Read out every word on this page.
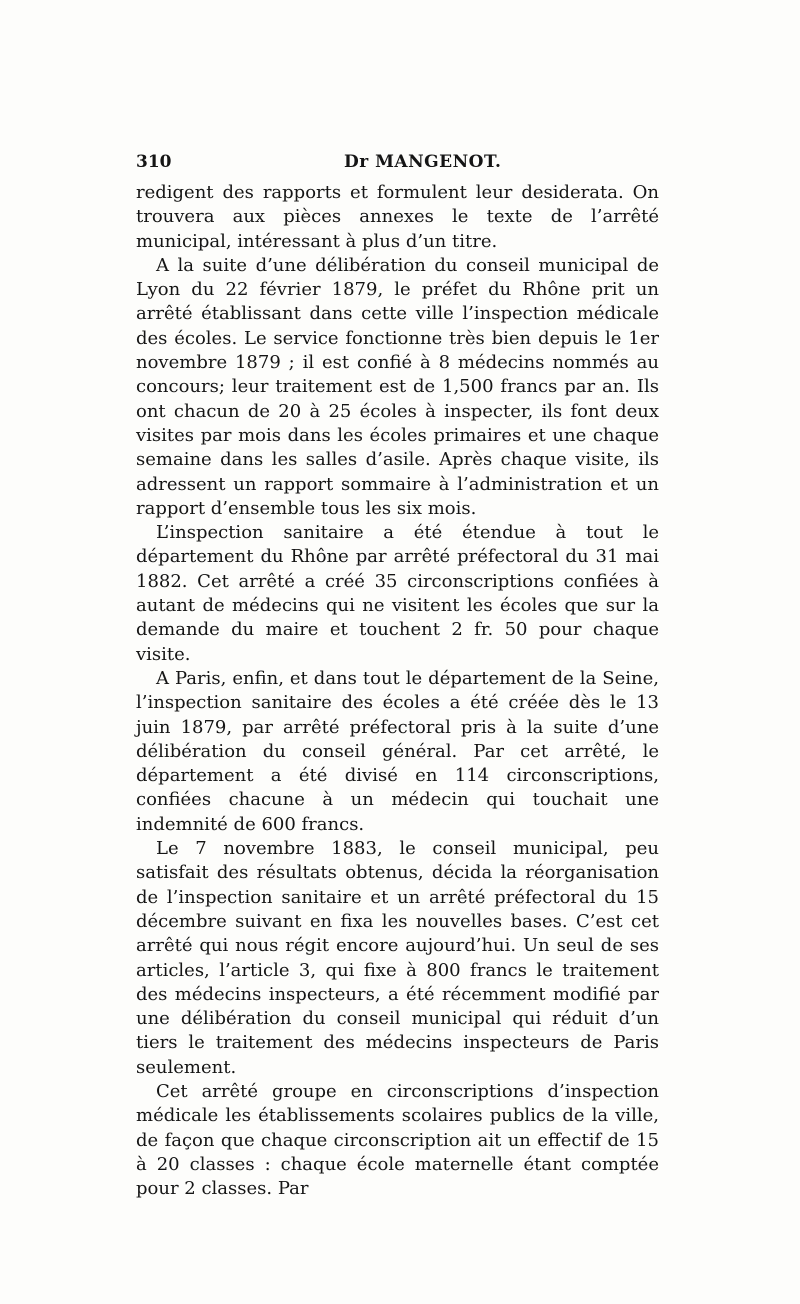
310	Dr MANGENOT.

redigent des rapports et formulent leur desiderata. On trouvera aux pièces annexes le texte de l’arrêté municipal, intéressant à plus d’un titre.

A la suite d’une délibération du conseil municipal de Lyon du 22 février 1879, le préfet du Rhône prit un arrêté établissant dans cette ville l’inspection médicale des écoles. Le service fonctionne très bien depuis le 1er novembre 1879 ; il est confié à 8 médecins nommés au concours; leur traitement est de 1,500 francs par an. Ils ont chacun de 20 à 25 écoles à inspecter, ils font deux visites par mois dans les écoles primaires et une chaque semaine dans les salles d’asile. Après chaque visite, ils adressent un rapport sommaire à l’administration et un rapport d’ensemble tous les six mois.

L’inspection sanitaire a été étendue à tout le département du Rhône par arrêté préfectoral du 31 mai 1882. Cet arrêté a créé 35 circonscriptions confiées à autant de médecins qui ne visitent les écoles que sur la demande du maire et touchent 2 fr. 50 pour chaque visite.

A Paris, enfin, et dans tout le département de la Seine, l’inspection sanitaire des écoles a été créée dès le 13 juin 1879, par arrêté préfectoral pris à la suite d’une délibération du conseil général. Par cet arrêté, le département a été divisé en 114 circonscriptions, confiées chacune à un médecin qui touchait une indemnité de 600 francs.

Le 7 novembre 1883, le conseil municipal, peu satisfait des résultats obtenus, décida la réorganisation de l’inspection sanitaire et un arrêté préfectoral du 15 décembre suivant en fixa les nouvelles bases. C’est cet arrêté qui nous régit encore aujourd’hui. Un seul de ses articles, l’article 3, qui fixe à 800 francs le traitement des médecins inspecteurs, a été récemment modifié par une délibération du conseil municipal qui réduit d’un tiers le traitement des médecins inspecteurs de Paris seulement.

Cet arrêté groupe en circonscriptions d’inspection médicale les établissements scolaires publics de la ville, de façon que chaque circonscription ait un effectif de 15 à 20 classes : chaque école maternelle étant comptée pour 2 classes. Par
